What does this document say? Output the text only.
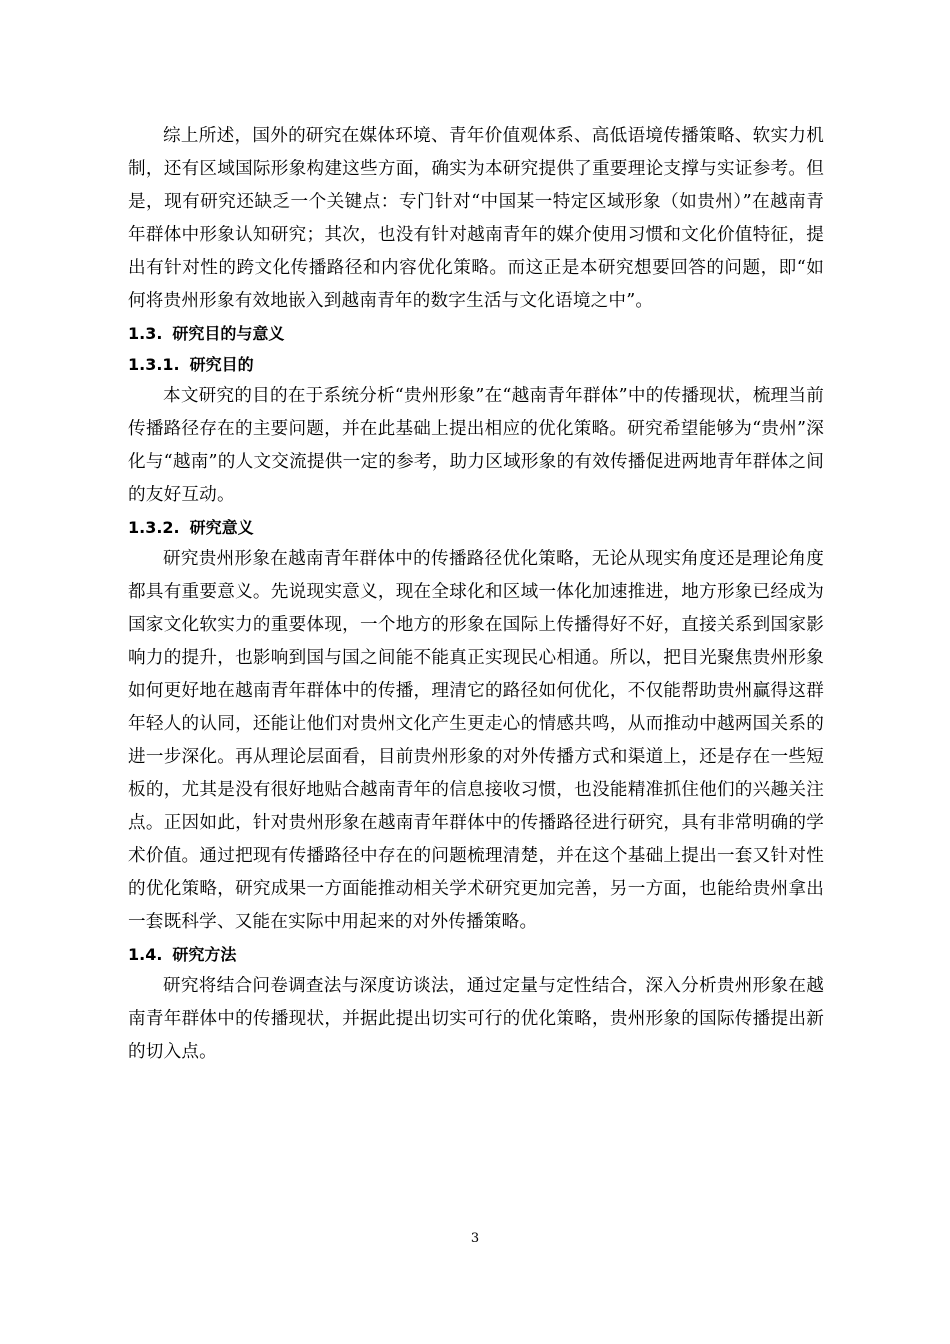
综上所述，国外的研究在媒体环境、青年价值观体系、高低语境传播策略、软实力机制，还有区域国际形象构建这些方面，确实为本研究提供了重要理论支撑与实证参考。但是，现有研究还缺乏一个关键点：专门针对“中国某一特定区域形象（如贵州）”在越南青年群体中形象认知研究；其次，也没有针对越南青年的媒介使用习惯和文化价值特征，提出有针对性的跨文化传播路径和内容优化策略。而这正是本研究想要回答的问题，即“如何将贵州形象有效地嵌入到越南青年的数字生活与文化语境之中”。

1.3. 研究目的与意义
1.3.1. 研究目的

本文研究的目的在于系统分析“贵州形象”在“越南青年群体”中的传播现状，梳理当前传播路径存在的主要问题，并在此基础上提出相应的优化策略。研究希望能够为“贵州”深化与“越南”的人文交流提供一定的参考，助力区域形象的有效传播促进两地青年群体之间的友好互动。

1.3.2. 研究意义

研究贵州形象在越南青年群体中的传播路径优化策略，无论从现实角度还是理论角度都具有重要意义。先说现实意义，现在全球化和区域一体化加速推进，地方形象已经成为国家文化软实力的重要体现，一个地方的形象在国际上传播得好不好，直接关系到国家影响力的提升，也影响到国与国之间能不能真正实现民心相通。所以，把目光聚焦贵州形象如何更好地在越南青年群体中的传播，理清它的路径如何优化，不仅能帮助贵州赢得这群年轻人的认同，还能让他们对贵州文化产生更走心的情感共鸣，从而推动中越两国关系的进一步深化。再从理论层面看，目前贵州形象的对外传播方式和渠道上，还是存在一些短板的，尤其是没有很好地贴合越南青年的信息接收习惯，也没能精准抓住他们的兴趣关注点。正因如此，针对贵州形象在越南青年群体中的传播路径进行研究，具有非常明确的学术价值。通过把现有传播路径中存在的问题梳理清楚，并在这个基础上提出一套又针对性的优化策略，研究成果一方面能推动相关学术研究更加完善，另一方面，也能给贵州拿出一套既科学、又能在实际中用起来的对外传播策略。

1.4. 研究方法

研究将结合问卷调查法与深度访谈法，通过定量与定性结合，深入分析贵州形象在越南青年群体中的传播现状，并据此提出切实可行的优化策略，贵州形象的国际传播提出新的切入点。

3
